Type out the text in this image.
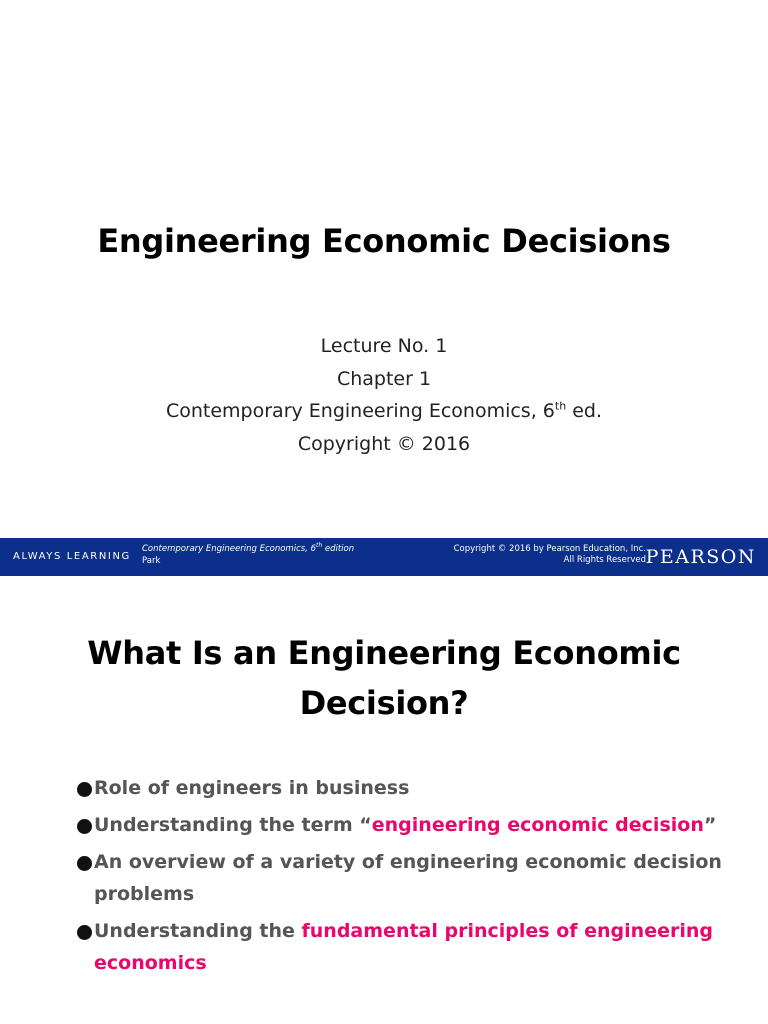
Engineering Economic Decisions
Lecture No. 1
Chapter 1
Contemporary Engineering Economics, 6th ed.
Copyright © 2016
ALWAYS LEARNING
Contemporary Engineering Economics, 6th edition
Park
Copyright © 2016 by Pearson Education, Inc.
All Rights Reserved PEARSON
What Is an Engineering Economic
Decision?
Role of engineers in business
Understanding the term “engineering economic decision”
An overview of a variety of engineering economic decision problems
Understanding the fundamental principles of engineering economics
